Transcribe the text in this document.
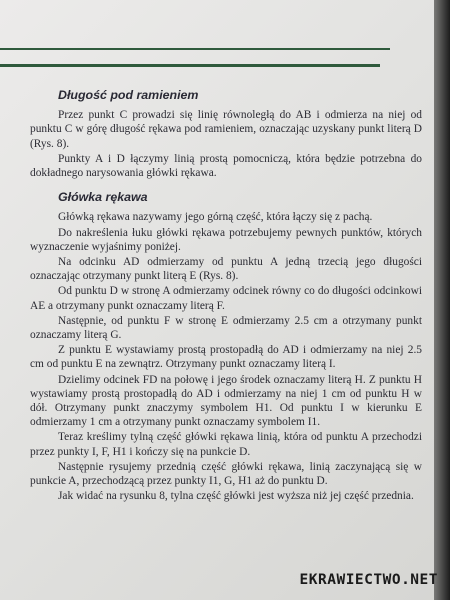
Długość pod ramieniem

Przez punkt C prowadzi się linię równoległą do AB i odmierza na niej od punktu C w górę długość rękawa pod ramieniem, oznaczając uzyskany punkt literą D (Rys. 8).

Punkty A i D łączymy linią prostą pomocniczą, która będzie potrzebna do dokładnego narysowania główki rękawa.

Główka rękawa

Główką rękawa nazywamy jego górną część, która łączy się z pachą.

Do nakreślenia łuku główki rękawa potrzebujemy pewnych punktów, których wyznaczenie wyjaśnimy poniżej.

Na odcinku AD odmierzamy od punktu A jedną trzecią jego długości oznaczając otrzymany punkt literą E (Rys. 8).

Od punktu D w stronę A odmierzamy odcinek równy co do długości odcinkowi AE a otrzymany punkt oznaczamy literą F.

Następnie, od punktu F w stronę E odmierzamy 2.5 cm a otrzymany punkt oznaczamy literą G.

Z punktu E wystawiamy prostą prostopadłą do AD i odmierzamy na niej 2.5 cm od punktu E na zewnątrz. Otrzymany punkt oznaczamy literą I.

Dzielimy odcinek FD na połowę i jego środek oznaczamy literą H. Z punktu H wystawiamy prostą prostopadłą do AD i odmierzamy na niej 1 cm od punktu H w dół. Otrzymany punkt znaczymy symbolem H1. Od punktu I w kierunku E odmierzamy 1 cm a otrzymany punkt oznaczamy symbolem I1.

Teraz kreślimy tylną część główki rękawa linią, która od punktu A przechodzi przez punkty I, F, H1 i kończy się na punkcie D.

Następnie rysujemy przednią część główki rękawa, linią zaczynającą się w punkcie A, przechodzącą przez punkty I1, G, H1 aż do punktu D.

Jak widać na rysunku 8, tylna część główki jest wyższa niż jej część przednia.

EKRAWIECTWO.NET
